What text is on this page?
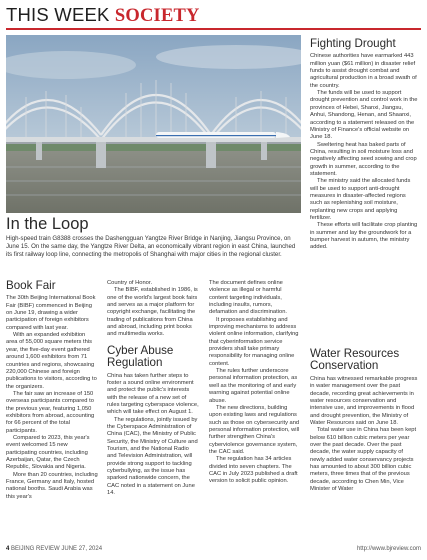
THIS WEEK SOCIETY
In the Loop

High-speed train G8388 crosses the Dashengguan Yangtze River Bridge in Nanjing, Jiangsu Province, on June 15. On the same day, the Yangtze River Delta, an economically vibrant region in east China, launched its first railway loop line, connecting the metropolis of Shanghai with major cities in the regional cluster.

Book Fair

The 30th Beijing International Book Fair (BIBF) commenced in Beijing on June 19, drawing a wider participation of foreign exhibitors compared with last year.

With an expanded exhibition area of 55,000 square meters this year, the five-day event gathered around 1,600 exhibitors from 71 countries and regions, showcasing 220,000 Chinese and foreign publications to visitors, according to the organizers.

The fair saw an increase of 150 overseas participants compared to the previous year, featuring 1,050 exhibitors from abroad, accounting for 66 percent of the total participants.

Compared to 2023, this year's event welcomed 15 new participating countries, including Azerbaijan, Qatar, the Czech Republic, Slovakia and Nigeria.

More than 20 countries, including France, Germany and Italy, hosted national booths. Saudi Arabia was this year's

Country of Honor.

The BIBF, established in 1986, is one of the world's largest book fairs and serves as a major platform for copyright exchange, facilitating the trading of publications from China and abroad, including print books and multimedia works.

Cyber Abuse Regulation

China has taken further steps to foster a sound online environment and protect the public's interests with the release of a new set of rules targeting cyberspace violence, which will take effect on August 1.

The regulations, jointly issued by the Cyberspace Administration of China (CAC), the Ministry of Public Security, the Ministry of Culture and Tourism, and the National Radio and Television Administration, will provide strong support to tackling cyberbullying, as the issue has sparked nationwide concern, the CAC noted in a statement on June 14.

The document defines online violence as illegal or harmful content targeting individuals, including insults, rumors, defamation and discrimination.

It proposes establishing and improving mechanisms to address violent online information, clarifying that cyberinformation service providers shall take primary responsibility for managing online content.

The rules further underscore personal information protection, as well as the monitoring of and early warning against potential online abuse.

The new directions, building upon existing laws and regulations such as those on cybersecurity and personal information protection, will further strengthen China's cyberviolence governance system, the CAC said.

The regulation has 34 articles divided into seven chapters. The CAC in July 2023 published a draft version to solicit public opinion.

Fighting Drought

Chinese authorities have earmarked 443 million yuan ($61 million) in disaster relief funds to assist drought combat and agricultural production in a broad swath of the country.

The funds will be used to support drought prevention and control work in the provinces of Hebei, Shanxi, Jiangsu, Anhui, Shandong, Henan, and Shaanxi, according to a statement released on the Ministry of Finance's official website on June 18.

Sweltering heat has baked parts of China, resulting in soil moisture loss and negatively affecting seed sowing and crop growth in summer, according to the statement.

The ministry said the allocated funds will be used to support anti-drought measures in disaster-affected regions such as replenishing soil moisture, replanting new crops and applying fertilizer.

These efforts will facilitate crop planting in summer and lay the groundwork for a bumper harvest in autumn, the ministry added.

Water Resources Conservation

China has witnessed remarkable progress in water management over the past decade, recording great achievements in water resources conservation and intensive use, and improvements in flood and drought prevention, the Ministry of Water Resources said on June 18.

Total water use in China has been kept below 610 billion cubic meters per year over the past decade. Over the past decade, the water supply capacity of newly added water conservancy projects has amounted to about 300 billion cubic meters, three times that of the previous decade, according to Chen Min, Vice Minister of Water

4 BEIJING REVIEW JUNE 27, 2024	http://www.bjreview.com
